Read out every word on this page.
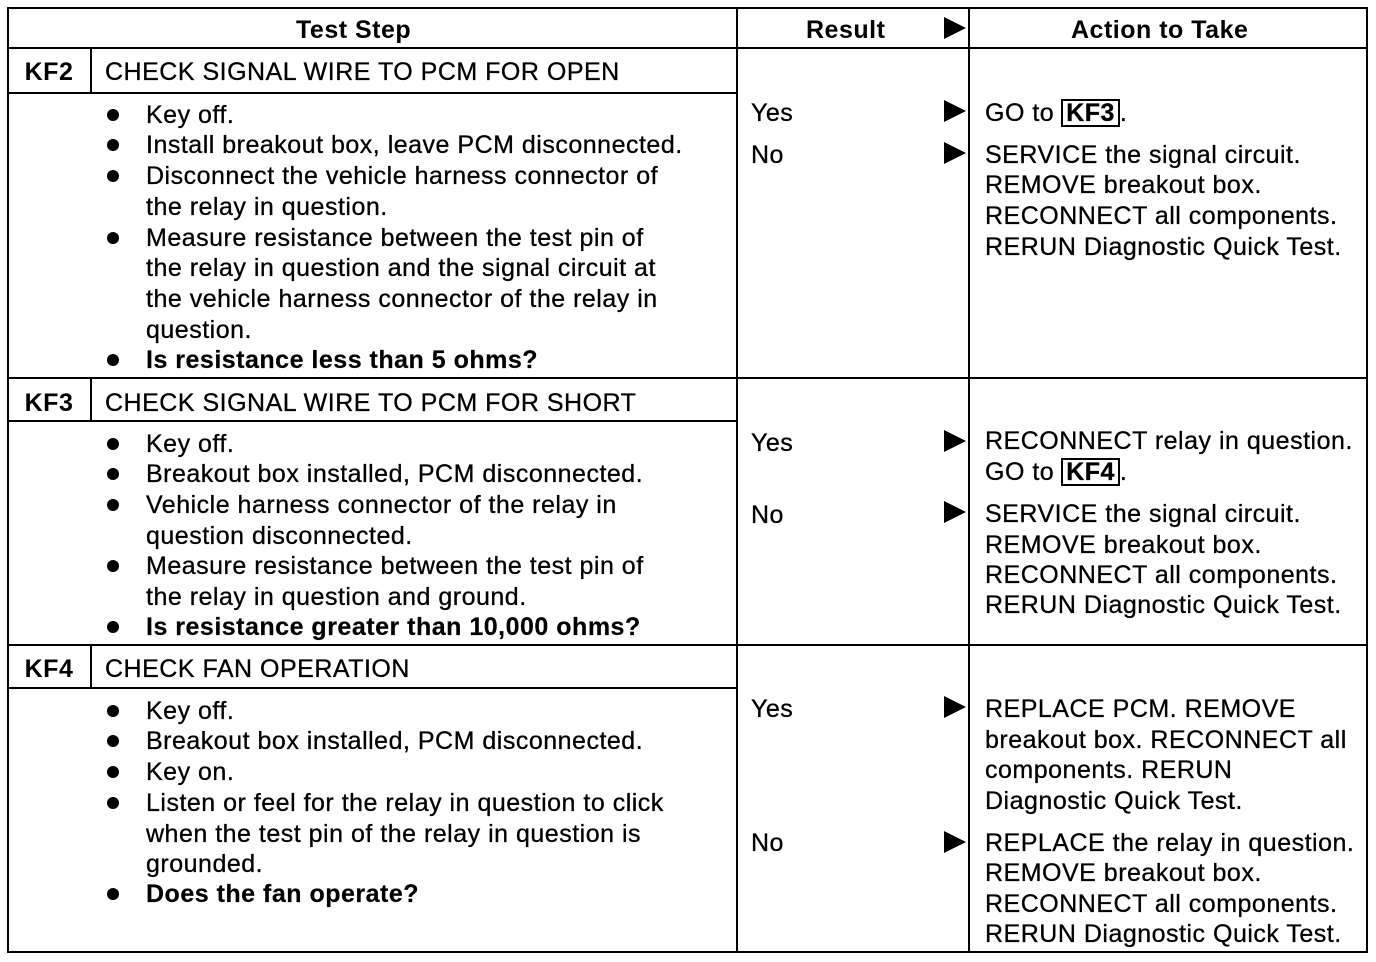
Test Step	Result	Action to Take
KF2	CHECK SIGNAL WIRE TO PCM FOR OPEN
Key off.
Install breakout box, leave PCM disconnected.
Disconnect the vehicle harness connector of
the relay in question.
Measure resistance between the test pin of
the relay in question and the signal circuit at
the vehicle harness connector of the relay in
question.
Is resistance less than 5 ohms?
Yes	GO to KF3 .
No	SERVICE the signal circuit.
REMOVE breakout box.
RECONNECT all components.
RERUN Diagnostic Quick Test.
KF3	CHECK SIGNAL WIRE TO PCM FOR SHORT
Key off.
Breakout box installed, PCM disconnected.
Vehicle harness connector of the relay in
question disconnected.
Measure resistance between the test pin of
the relay in question and ground.
Is resistance greater than 10,000 ohms?
Yes	RECONNECT relay in question.
GO to KF4 .
No	SERVICE the signal circuit.
REMOVE breakout box.
RECONNECT all components.
RERUN Diagnostic Quick Test.
KF4	CHECK FAN OPERATION
Key off.
Breakout box installed, PCM disconnected.
Key on.
Listen or feel for the relay in question to click
when the test pin of the relay in question is
grounded.
Does the fan operate?
Yes	REPLACE PCM. REMOVE
breakout box. RECONNECT all
components. RERUN
Diagnostic Quick Test.
No	REPLACE the relay in question.
REMOVE breakout box.
RECONNECT all components.
RERUN Diagnostic Quick Test.
